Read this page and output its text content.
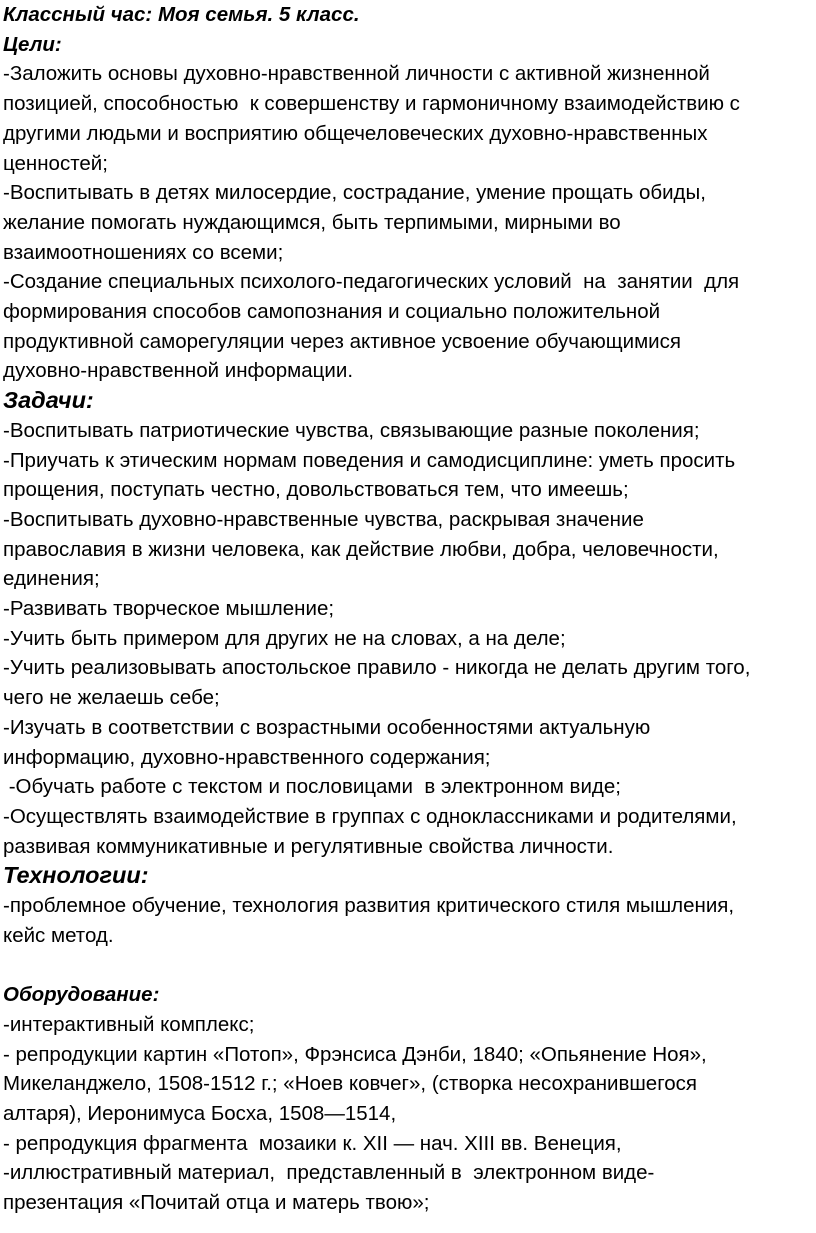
Классный час: Моя семья. 5 класс.

Цели:

-Заложить основы духовно-нравственной личности с активной жизненной

позицией, способностью  к совершенству и гармоничному взаимодействию с

другими людьми и восприятию общечеловеческих духовно-нравственных

ценностей;

-Воспитывать в детях милосердие, сострадание, умение прощать обиды,

желание помогать нуждающимся, быть терпимыми, мирными во

взаимоотношениях со всеми;

-Создание специальных психолого-педагогических условий  на  занятии  для

формирования способов самопознания и социально положительной

продуктивной саморегуляции через активное усвоение обучающимися

духовно-нравственной информации.

Задачи:

-Воспитывать патриотические чувства, связывающие разные поколения;

-Приучать к этическим нормам поведения и самодисциплине: уметь просить

прощения, поступать честно, довольствоваться тем, что имеешь;

-Воспитывать духовно-нравственные чувства, раскрывая значение

православия в жизни человека, как действие любви, добра, человечности,

единения;

-Развивать творческое мышление;

-Учить быть примером для других не на словах, а на деле;

-Учить реализовывать апостольское правило - никогда не делать другим того,

чего не желаешь себе;

-Изучать в соответствии с возрастными особенностями актуальную

информацию, духовно-нравственного содержания;

-Обучать работе с текстом и пословицами  в электронном виде;

-Осуществлять взаимодействие в группах с одноклассниками и родителями,

развивая коммуникативные и регулятивные свойства личности.

Технологии:

-проблемное обучение, технология развития критического стиля мышления,

кейс метод.

Оборудование:

-интерактивный комплекс;

- репродукции картин «Потоп», Фрэнсиса Дэнби, 1840; «Опьянение Ноя»,

Микеланджело, 1508-1512 г.; «Ноев ковчег», (створка несохранившегося

алтаря), Иеронимуса Босха, 1508—1514,

- репродукция фрагмента  мозаики к. XII — нач. XIII вв. Венеция,

-иллюстративный материал,  представленный в  электронном виде-

презентация «Почитай отца и матерь твою»;
